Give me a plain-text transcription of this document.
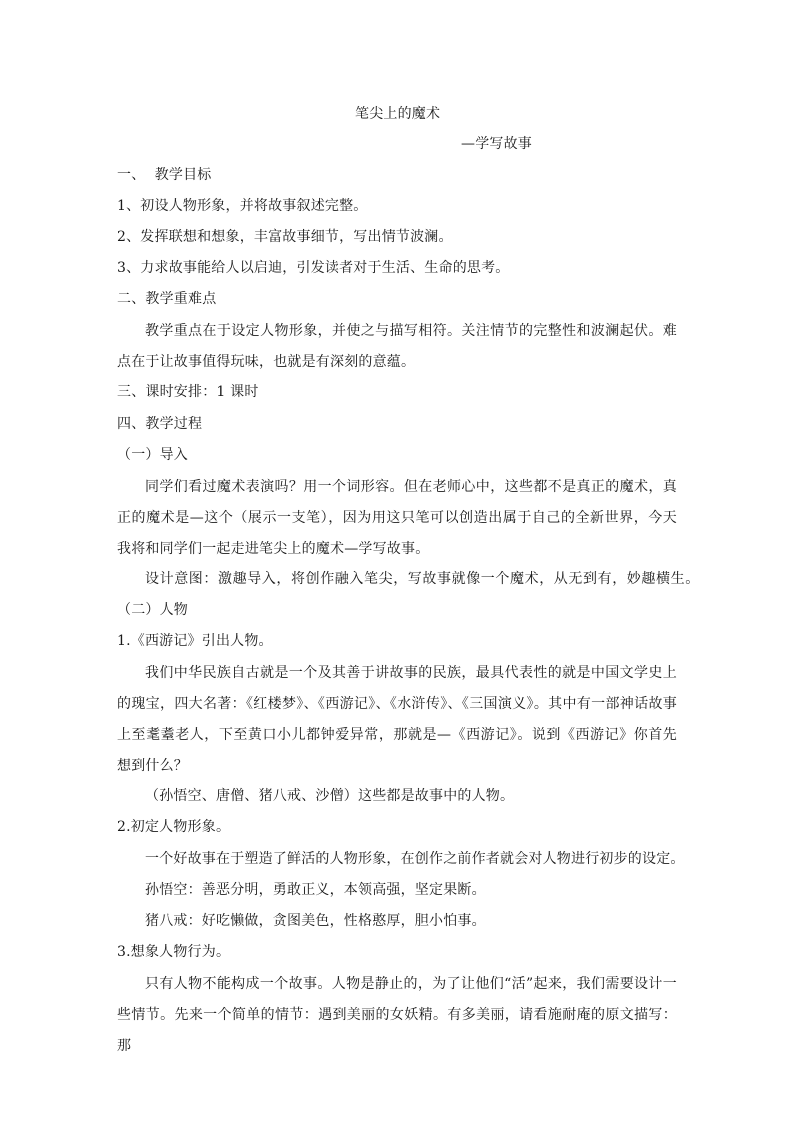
笔尖上的魔术
—学写故事
一、  教学目标
1、初设人物形象，并将故事叙述完整。
2、发挥联想和想象，丰富故事细节，写出情节波澜。
3、力求故事能给人以启迪，引发读者对于生活、生命的思考。
二、教学重难点
教学重点在于设定人物形象，并使之与描写相符。关注情节的完整性和波澜起伏。难点在于让故事值得玩味，也就是有深刻的意蕴。
三、课时安排：1 课时
四、教学过程
（一）导入
同学们看过魔术表演吗？用一个词形容。但在老师心中，这些都不是真正的魔术，真正的魔术是—这个（展示一支笔），因为用这只笔可以创造出属于自己的全新世界，今天我将和同学们一起走进笔尖上的魔术—学写故事。
设计意图：激趣导入，将创作融入笔尖，写故事就像一个魔术，从无到有，妙趣横生。
（二）人物
1.《西游记》引出人物。
我们中华民族自古就是一个及其善于讲故事的民族，最具代表性的就是中国文学史上的瑰宝，四大名著：《红楼梦》、《西游记》、《水浒传》、《三国演义》。其中有一部神话故事上至耄耋老人，下至黄口小儿都钟爱异常，那就是—《西游记》。说到《西游记》你首先想到什么？
（孙悟空、唐僧、猪八戒、沙僧）这些都是故事中的人物。
2.初定人物形象。
一个好故事在于塑造了鲜活的人物形象，在创作之前作者就会对人物进行初步的设定。
孙悟空：善恶分明，勇敢正义，本领高强，坚定果断。
猪八戒：好吃懒做，贪图美色，性格憨厚，胆小怕事。
3.想象人物行为。
只有人物不能构成一个故事。人物是静止的，为了让他们“活”起来，我们需要设计一些情节。先来一个简单的情节：遇到美丽的女妖精。有多美丽，请看施耐庵的原文描写：那
